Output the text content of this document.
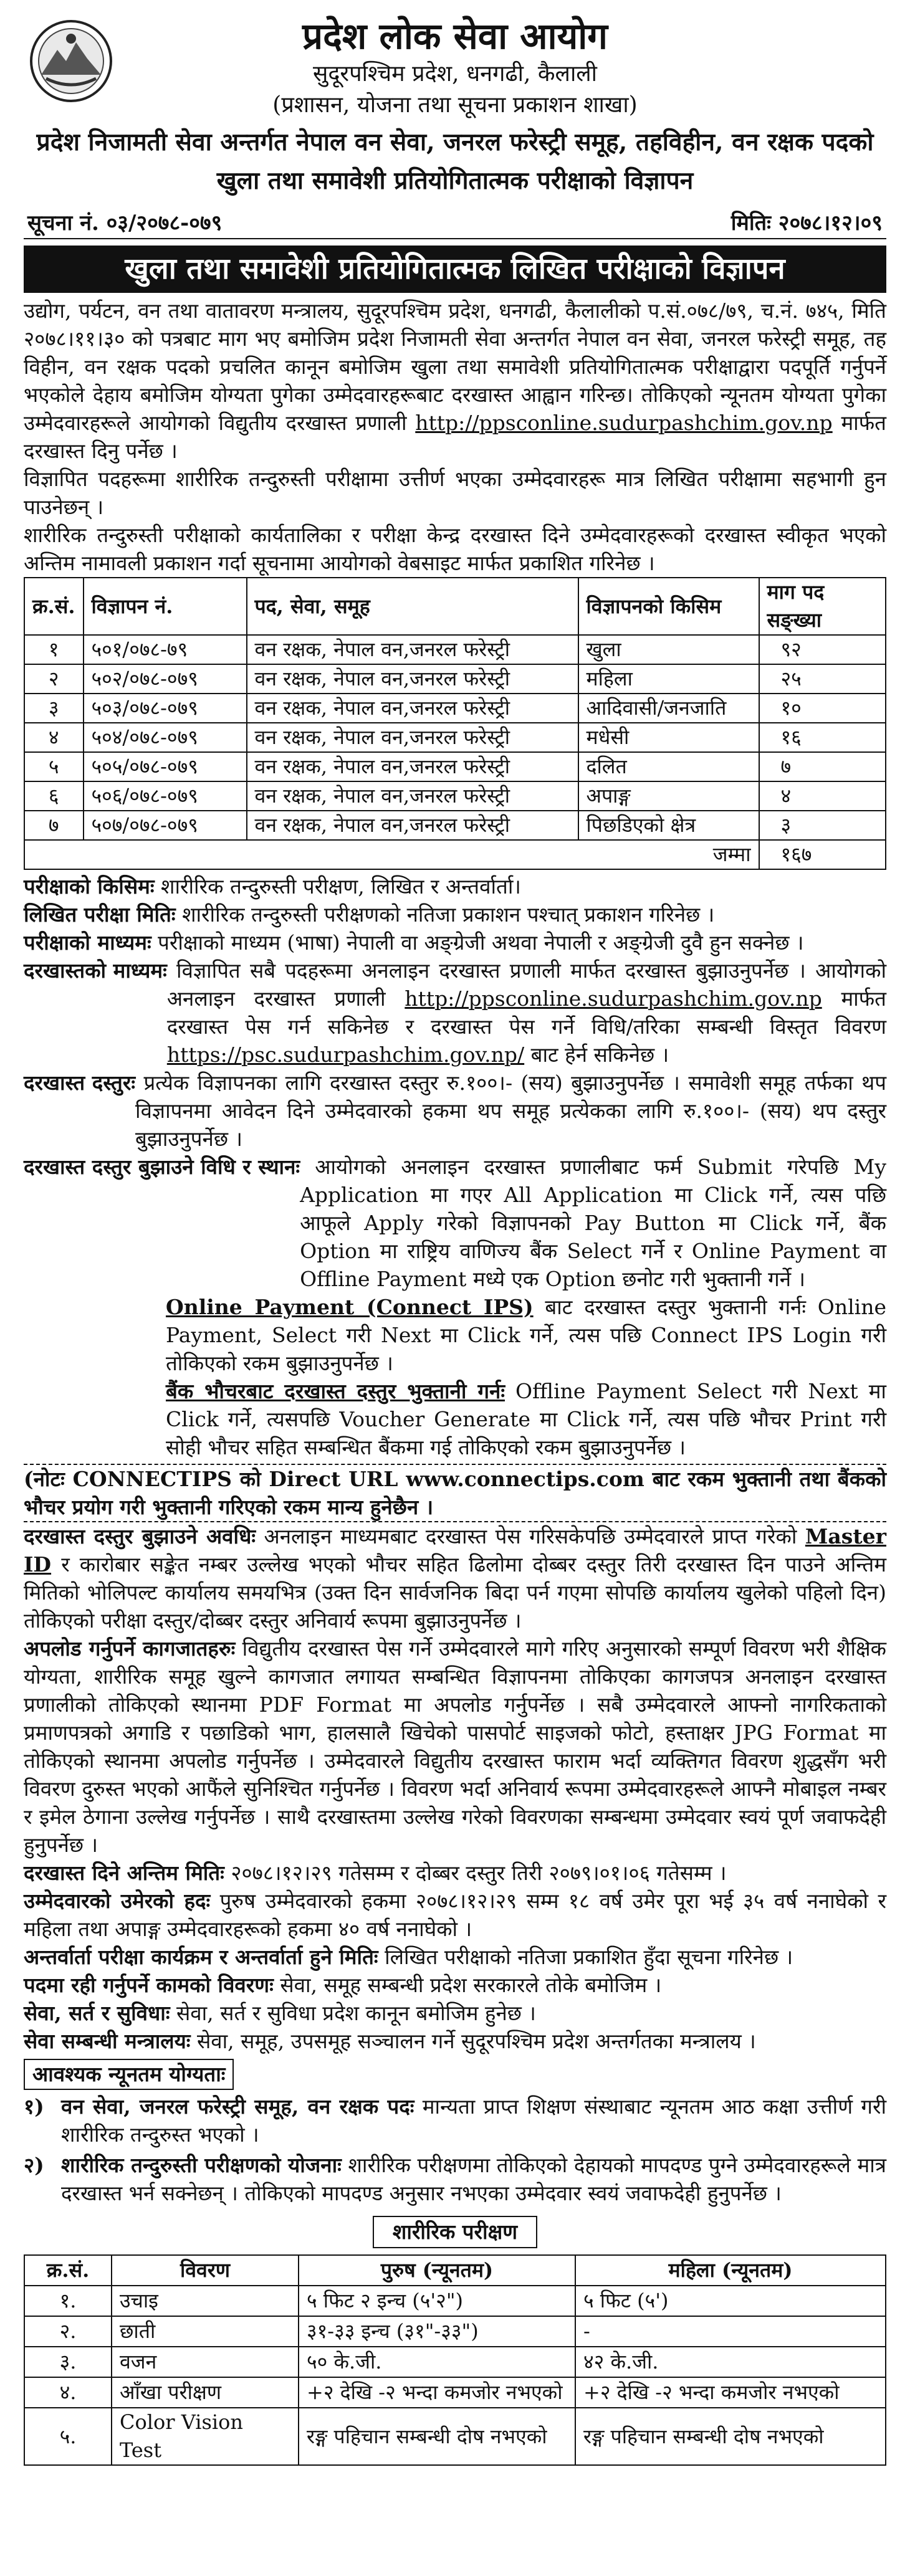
प्रदेश लोक सेवा आयोग
सुदूरपश्चिम प्रदेश, धनगढी, कैलाली
(प्रशासन, योजना तथा सूचना प्रकाशन शाखा)
प्रदेश निजामती सेवा अन्तर्गत नेपाल वन सेवा, जनरल फरेस्ट्री समूह, तहविहीन, वन रक्षक पदको
खुला तथा समावेशी प्रतियोगितात्मक परीक्षाको विज्ञापन
सूचना नं. ०३/२०७८-०७९	मितिः २०७८।१२।०९
खुला तथा समावेशी प्रतियोगितात्मक लिखित परीक्षाको विज्ञापन

उद्योग, पर्यटन, वन तथा वातावरण मन्त्रालय, सुदूरपश्चिम प्रदेश, धनगढी, कैलालीको प.सं.०७८/७९, च.नं. ७४५, मिति २०७८।११।३० को पत्रबाट माग भए बमोजिम प्रदेश निजामती सेवा अन्तर्गत नेपाल वन सेवा, जनरल फरेस्ट्री समूह, तह विहीन, वन रक्षक पदको प्रचलित कानून बमोजिम खुला तथा समावेशी प्रतियोगितात्मक परीक्षाद्वारा पदपूर्ति गर्नुपर्ने भएकोले देहाय बमोजिम योग्यता पुगेका उम्मेदवारहरूबाट दरखास्त आह्वान गरिन्छ। तोकिएको न्यूनतम योग्यता पुगेका उम्मेदवारहरूले आयोगको विद्युतीय दरखास्त प्रणाली http://ppsconline.sudurpashchim.gov.np मार्फत दरखास्त दिनु पर्नेछ ।

विज्ञापित पदहरूमा शारीरिक तन्दुरुस्ती परीक्षामा उत्तीर्ण भएका उम्मेदवारहरू मात्र लिखित परीक्षामा सहभागी हुन पाउनेछन् ।

शारीरिक तन्दुरुस्ती परीक्षाको कार्यतालिका र परीक्षा केन्द्र दरखास्त दिने उम्मेदवारहरूको दरखास्त स्वीकृत भएको अन्तिम नामावली प्रकाशन गर्दा सूचनामा आयोगको वेबसाइट मार्फत प्रकाशित गरिनेछ ।

क्र.सं.	विज्ञापन नं.	पद, सेवा, समूह	विज्ञापनको किसिम	माग पद सङ्ख्या
१	५०१/०७८-७९	वन रक्षक, नेपाल वन,जनरल फरेस्ट्री	खुला	९२
२	५०२/०७८-०७९	वन रक्षक, नेपाल वन,जनरल फरेस्ट्री	महिला	२५
३	५०३/०७८-०७९	वन रक्षक, नेपाल वन,जनरल फरेस्ट्री	आदिवासी/जनजाति	१०
४	५०४/०७८-०७९	वन रक्षक, नेपाल वन,जनरल फरेस्ट्री	मधेसी	१६
५	५०५/०७८-०७९	वन रक्षक, नेपाल वन,जनरल फरेस्ट्री	दलित	७
६	५०६/०७८-०७९	वन रक्षक, नेपाल वन,जनरल फरेस्ट्री	अपाङ्ग	४
७	५०७/०७८-०७९	वन रक्षक, नेपाल वन,जनरल फरेस्ट्री	पिछडिएको क्षेत्र	३
जम्मा				१६७
परीक्षाको किसिमः शारीरिक तन्दुरुस्ती परीक्षण, लिखित र अन्तर्वार्ता।
लिखित परीक्षा मितिः शारीरिक तन्दुरुस्ती परीक्षणको नतिजा प्रकाशन पश्चात् प्रकाशन गरिनेछ ।
परीक्षाको माध्यमः परीक्षाको माध्यम (भाषा) नेपाली वा अङ्ग्रेजी अथवा नेपाली र अङ्ग्रेजी दुवै हुन सक्नेछ ।
दरखास्तको माध्यमः विज्ञापित सबै पदहरूमा अनलाइन दरखास्त प्रणाली मार्फत दरखास्त बुझाउनुपर्नेछ । आयोगको अनलाइन दरखास्त प्रणाली http://ppsconline.sudurpashchim.gov.np मार्फत दरखास्त पेस गर्न सकिनेछ र दरखास्त पेस गर्ने विधि/तरिका सम्बन्धी विस्तृत विवरण https://psc.sudurpashchim.gov.np/ बाट हेर्न सकिनेछ ।
दरखास्त दस्तुरः प्रत्येक विज्ञापनका लागि दरखास्त दस्तुर रु.१००।- (सय) बुझाउनुपर्नेछ । समावेशी समूह तर्फका थप विज्ञापनमा आवेदन दिने उम्मेदवारको हकमा थप समूह प्रत्येकका लागि रु.१००।- (सय) थप दस्तुर बुझाउनुपर्नेछ ।
दरखास्त दस्तुर बुझाउने विधि र स्थानः आयोगको अनलाइन दरखास्त प्रणालीबाट फर्म Submit गरेपछि My Application मा गएर All Application मा Click गर्ने, त्यस पछि आफूले Apply गरेको विज्ञापनको Pay Button मा Click गर्ने, बैंक Option मा राष्ट्रिय वाणिज्य बैंक Select गर्ने र Online Payment वा Offline Payment मध्ये एक Option छनोट गरी भुक्तानी गर्ने ।
Online Payment (Connect IPS) बाट दरखास्त दस्तुर भुक्तानी गर्नः Online Payment, Select गरी Next मा Click गर्ने, त्यस पछि Connect IPS Login गरी तोकिएको रकम बुझाउनुपर्नेछ ।
बैंक भौचरबाट दरखास्त दस्तुर भुक्तानी गर्नः Offline Payment Select गरी Next मा Click गर्ने, त्यसपछि Voucher Generate मा Click गर्ने, त्यस पछि भौचर Print गरी सोही भौचर सहित सम्बन्धित बैंकमा गई तोकिएको रकम बुझाउनुपर्नेछ ।
(नोटः CONNECTIPS को Direct URL www.connectips.com बाट रकम भुक्तानी तथा बैंकको भौचर प्रयोग गरी भुक्तानी गरिएको रकम मान्य हुनेछैन ।
दरखास्त दस्तुर बुझाउने अवधिः अनलाइन माध्यमबाट दरखास्त पेस गरिसकेपछि उम्मेदवारले प्राप्त गरेको Master ID र कारोबार सङ्केत नम्बर उल्लेख भएको भौचर सहित ढिलोमा दोब्बर दस्तुर तिरी दरखास्त दिन पाउने अन्तिम मितिको भोलिपल्ट कार्यालय समयभित्र (उक्त दिन सार्वजनिक बिदा पर्न गएमा सोपछि कार्यालय खुलेको पहिलो दिन) तोकिएको परीक्षा दस्तुर/दोब्बर दस्तुर अनिवार्य रूपमा बुझाउनुपर्नेछ ।
अपलोड गर्नुपर्ने कागजातहरुः विद्युतीय दरखास्त पेस गर्ने उम्मेदवारले मागे गरिए अनुसारको सम्पूर्ण विवरण भरी शैक्षिक योग्यता, शारीरिक समूह खुल्ने कागजात लगायत सम्बन्धित विज्ञापनमा तोकिएका कागजपत्र अनलाइन दरखास्त प्रणालीको तोकिएको स्थानमा PDF Format मा अपलोड गर्नुपर्नेछ । सबै उम्मेदवारले आफ्नो नागरिकताको प्रमाणपत्रको अगाडि र पछाडिको भाग, हालसालै खिचेको पासपोर्ट साइजको फोटो, हस्ताक्षर JPG Format मा तोकिएको स्थानमा अपलोड गर्नुपर्नेछ । उम्मेदवारले विद्युतीय दरखास्त फाराम भर्दा व्यक्तिगत विवरण शुद्धसँग भरी विवरण दुरुस्त भएको आफैंले सुनिश्चित गर्नुपर्नेछ । विवरण भर्दा अनिवार्य रूपमा उम्मेदवारहरूले आफ्नै मोबाइल नम्बर र इमेल ठेगाना उल्लेख गर्नुपर्नेछ । साथै दरखास्तमा उल्लेख गरेको विवरणका सम्बन्धमा उम्मेदवार स्वयं पूर्ण जवाफदेही हुनुपर्नेछ ।
दरखास्त दिने अन्तिम मितिः २०७८।१२।२९ गतेसम्म र दोब्बर दस्तुर तिरी २०७९।०१।०६ गतेसम्म ।
उम्मेदवारको उमेरको हदः पुरुष उम्मेदवारको हकमा २०७८।१२।२९ सम्म १८ वर्ष उमेर पूरा भई ३५ वर्ष ननाघेको र महिला तथा अपाङ्ग उम्मेदवारहरूको हकमा ४० वर्ष ननाघेको ।
अन्तर्वार्ता परीक्षा कार्यक्रम र अन्तर्वार्ता हुने मितिः लिखित परीक्षाको नतिजा प्रकाशित हुँदा सूचना गरिनेछ ।
पदमा रही गर्नुपर्ने कामको विवरणः सेवा, समूह सम्बन्धी प्रदेश सरकारले तोके बमोजिम ।
सेवा, सर्त र सुविधाः सेवा, सर्त र सुविधा प्रदेश कानून बमोजिम हुनेछ ।
सेवा सम्बन्धी मन्त्रालयः सेवा, समूह, उपसमूह सञ्चालन गर्ने सुदूरपश्चिम प्रदेश अन्तर्गतका मन्त्रालय ।
आवश्यक न्यूनतम योग्यताः
१) वन सेवा, जनरल फरेस्ट्री समूह, वन रक्षक पदः मान्यता प्राप्त शिक्षण संस्थाबाट न्यूनतम आठ कक्षा उत्तीर्ण गरी शारीरिक तन्दुरुस्त भएको ।
२) शारीरिक तन्दुरुस्ती परीक्षणको योजनाः शारीरिक परीक्षणमा तोकिएको देहायको मापदण्ड पुग्ने उम्मेदवारहरूले मात्र दरखास्त भर्न सक्नेछन् । तोकिएको मापदण्ड अनुसार नभएका उम्मेदवार स्वयं जवाफदेही हुनुपर्नेछ ।
शारीरिक परीक्षण
क्र.सं.	विवरण	पुरुष (न्यूनतम)	महिला (न्यूनतम)
१.	उचाइ	५ फिट २ इन्च (५'२")	५ फिट (५')
२.	छाती	३१-३३ इन्च (३१"-३३")	-
३.	वजन	५० के.जी.	४२ के.जी.
४.	आँखा परीक्षण	+२ देखि -२ भन्दा कमजोर नभएको	+२ देखि -२ भन्दा कमजोर नभएको
५.	Color Vision Test	रङ्ग पहिचान सम्बन्धी दोष नभएको	रङ्ग पहिचान सम्बन्धी दोष नभएको
